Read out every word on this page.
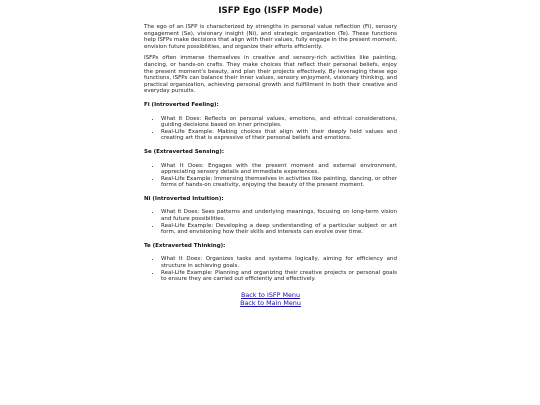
ISFP Ego (ISFP Mode)

The ego of an ISFP is characterized by strengths in personal value reflection (Fi), sensory engagement (Se), visionary insight (Ni), and strategic organization (Te). These functions help ISFPs make decisions that align with their values, fully engage in the present moment, envision future possibilities, and organize their efforts efficiently.

ISFPs often immerse themselves in creative and sensory-rich activities like painting, dancing, or hands-on crafts. They make choices that reflect their personal beliefs, enjoy the present moment's beauty, and plan their projects effectively. By leveraging these ego functions, ISFPs can balance their inner values, sensory enjoyment, visionary thinking, and practical organization, achieving personal growth and fulfillment in both their creative and everyday pursuits.

Fi (Introverted Feeling):
• What It Does: Reflects on personal values, emotions, and ethical considerations, guiding decisions based on inner principles.
• Real-Life Example: Making choices that align with their deeply held values and creating art that is expressive of their personal beliefs and emotions.
Se (Extraverted Sensing):
• What It Does: Engages with the present moment and external environment, appreciating sensory details and immediate experiences.
• Real-Life Example: Immersing themselves in activities like painting, dancing, or other forms of hands-on creativity, enjoying the beauty of the present moment.
Ni (Introverted Intuition):
• What It Does: Sees patterns and underlying meanings, focusing on long-term vision and future possibilities.
• Real-Life Example: Developing a deep understanding of a particular subject or art form, and envisioning how their skills and interests can evolve over time.
Te (Extraverted Thinking):
• What It Does: Organizes tasks and systems logically, aiming for efficiency and structure in achieving goals.
• Real-Life Example: Planning and organizing their creative projects or personal goals to ensure they are carried out efficiently and effectively.
Back to ISFP Menu
Back to Main Menu
